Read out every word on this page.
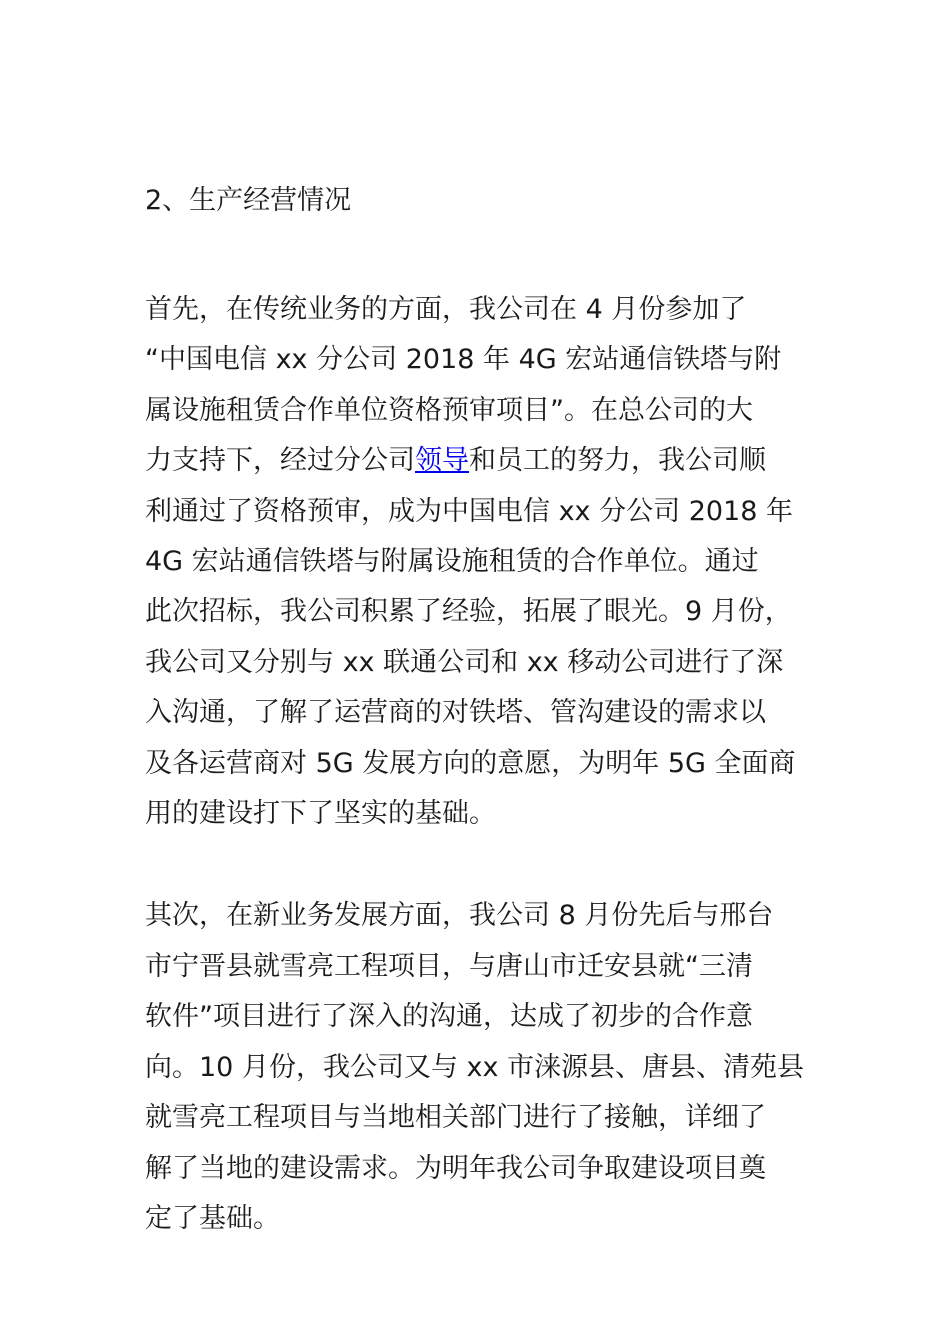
2、生产经营情况

首先，在传统业务的方面，我公司在 4 月份参加了
“中国电信 xx 分公司 2018 年 4G 宏站通信铁塔与附
属设施租赁合作单位资格预审项目”。在总公司的大
力支持下，经过分公司领导和员工的努力，我公司顺
利通过了资格预审，成为中国电信 xx 分公司 2018 年
4G 宏站通信铁塔与附属设施租赁的合作单位。通过
此次招标，我公司积累了经验，拓展了眼光。9 月份，
我公司又分别与 xx 联通公司和 xx 移动公司进行了深
入沟通，了解了运营商的对铁塔、管沟建设的需求以
及各运营商对 5G 发展方向的意愿，为明年 5G 全面商
用的建设打下了坚实的基础。

其次，在新业务发展方面，我公司 8 月份先后与邢台
市宁晋县就雪亮工程项目，与唐山市迁安县就“三清
软件”项目进行了深入的沟通，达成了初步的合作意
向。10 月份，我公司又与 xx 市涞源县、唐县、清苑县
就雪亮工程项目与当地相关部门进行了接触，详细了
解了当地的建设需求。为明年我公司争取建设项目奠
定了基础。
